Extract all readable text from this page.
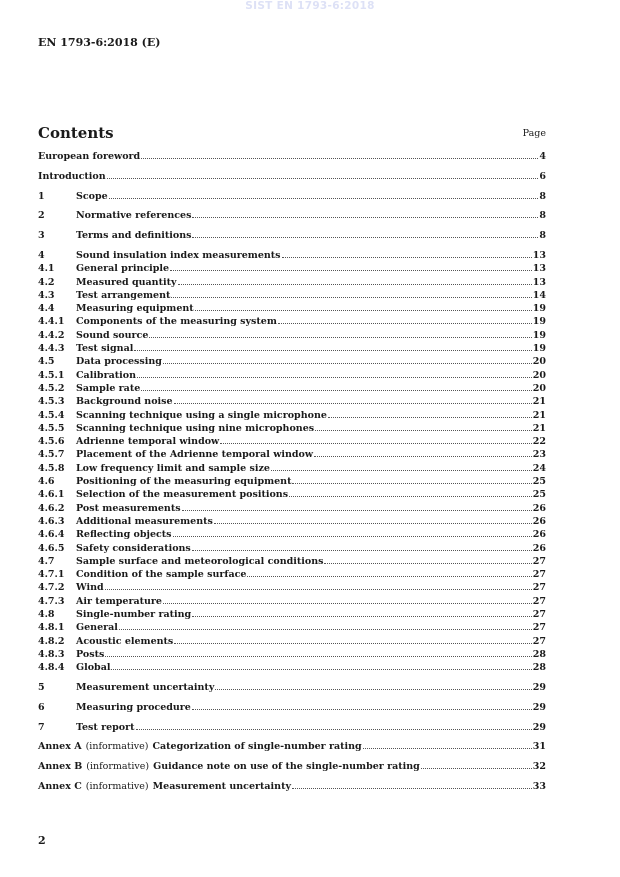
SIST EN 1793-6:2018
EN 1793-6:2018 (E)
Contents	Page
European foreword	4
Introduction	6
1	Scope	8
2	Normative references	8
3	Terms and definitions	8
4	Sound insulation index measurements	13
4.1	General principle	13
4.2	Measured quantity	13
4.3	Test arrangement	14
4.4	Measuring equipment	19
4.4.1	Components of the measuring system	19
4.4.2	Sound source	19
4.4.3	Test signal	19
4.5	Data processing	20
4.5.1	Calibration	20
4.5.2	Sample rate	20
4.5.3	Background noise	21
4.5.4	Scanning technique using a single microphone	21
4.5.5	Scanning technique using nine microphones	21
4.5.6	Adrienne temporal window	22
4.5.7	Placement of the Adrienne temporal window	23
4.5.8	Low frequency limit and sample size	24
4.6	Positioning of the measuring equipment	25
4.6.1	Selection of the measurement positions	25
4.6.2	Post measurements	26
4.6.3	Additional measurements	26
4.6.4	Reflecting objects	26
4.6.5	Safety considerations	26
4.7	Sample surface and meteorological conditions	27
4.7.1	Condition of the sample surface	27
4.7.2	Wind	27
4.7.3	Air temperature	27
4.8	Single-number rating	27
4.8.1	General	27
4.8.2	Acoustic elements	27
4.8.3	Posts	28
4.8.4	Global	28
5	Measurement uncertainty	29
6	Measuring procedure	29
7	Test report	29
Annex A (informative) Categorization of single-number rating	31
Annex B (informative) Guidance note on use of the single-number rating	32
Annex C (informative) Measurement uncertainty	33
2
